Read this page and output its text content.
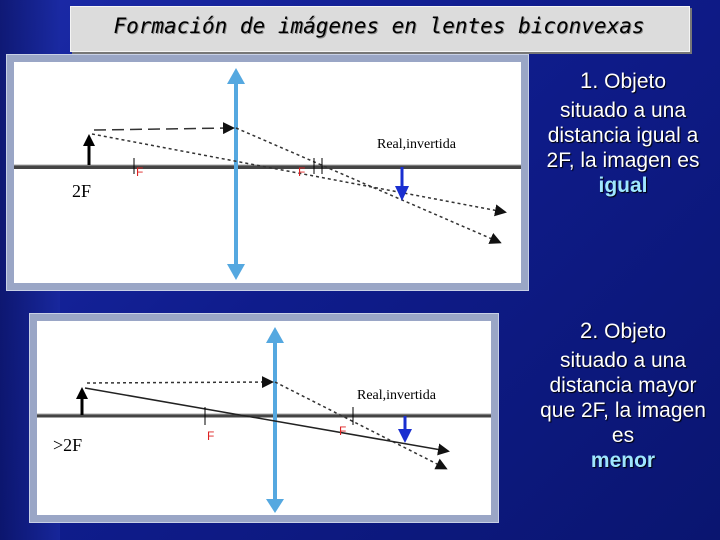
Formación de imágenes en lentes biconvexas
F	F
Real,invertida
2F
F	F
Real,invertida
>2F
1. Objeto
situado a una distancia igual a 2F, la imagen es
igual
2. Objeto
situado a una distancia mayor que 2F, la imagen es
menor
